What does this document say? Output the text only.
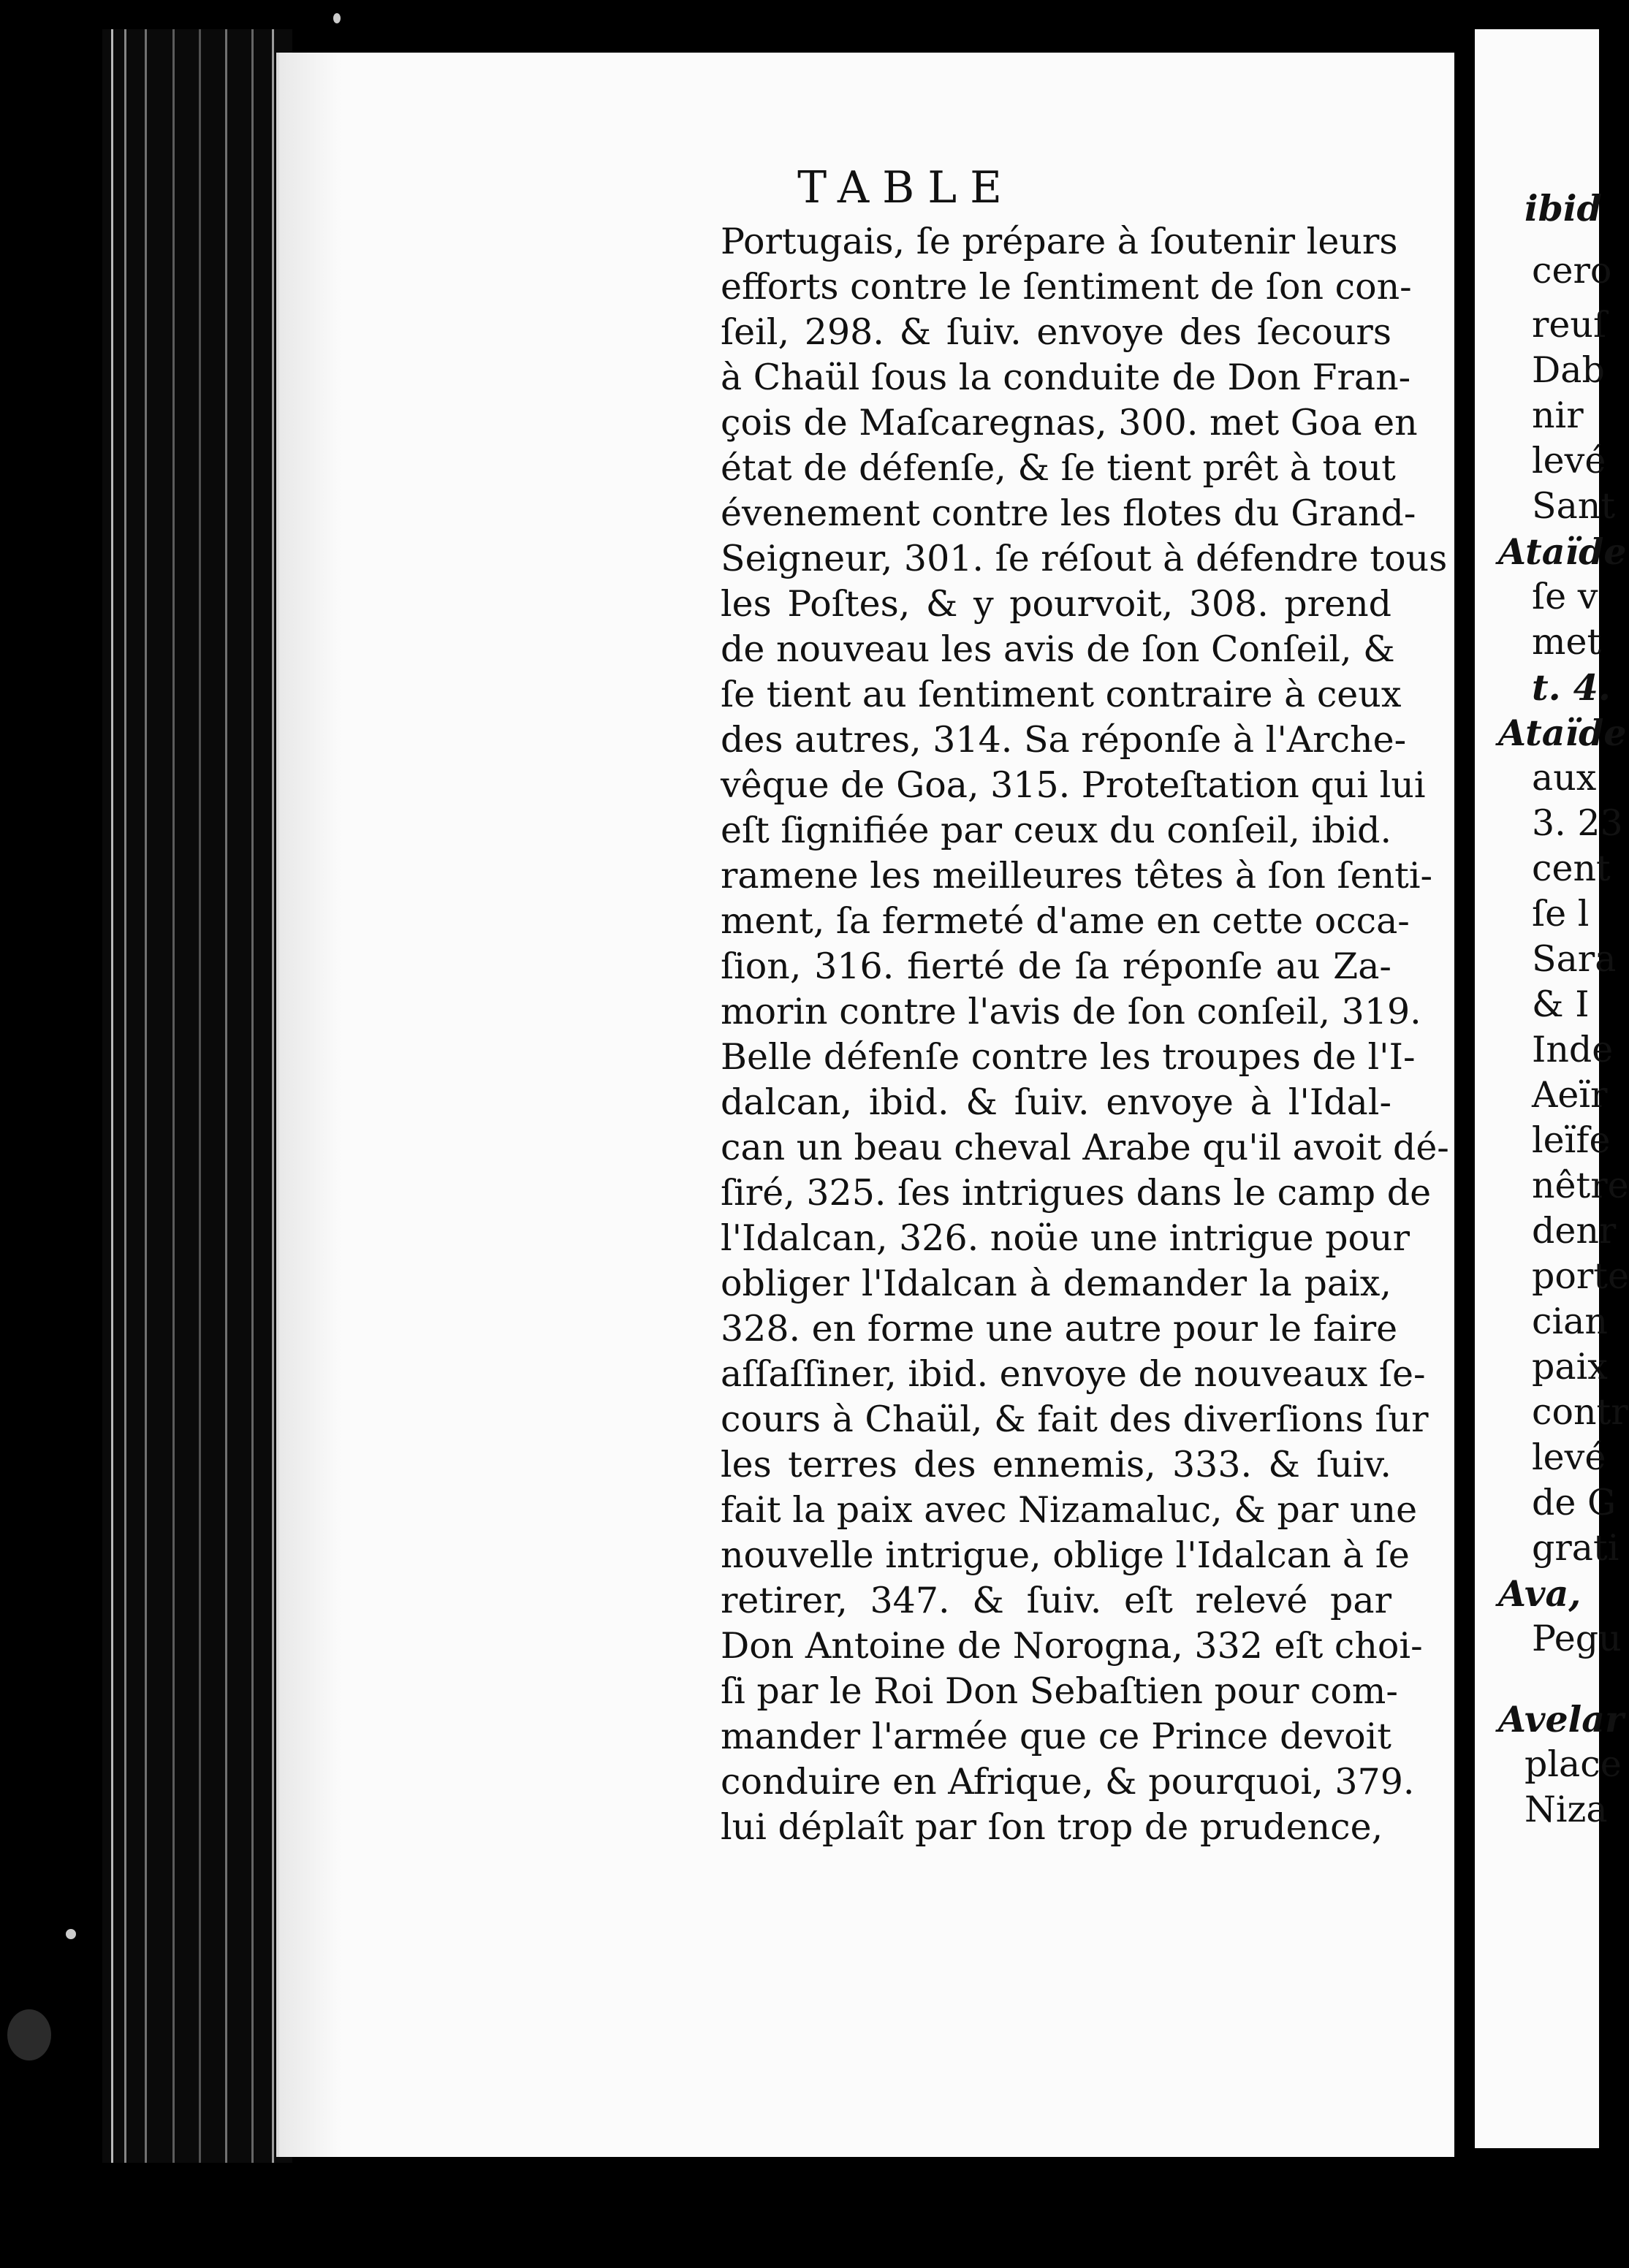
TABLE
Portugais, ſe prépare à ſoutenir leurs
efforts contre le ſentiment de ſon con-
ſeil, 298. & ſuiv. envoye des ſecours
à Chaül ſous la conduite de Don Fran-
çois de Maſcaregnas, 300. met Goa en
état de défenſe, & ſe tient prêt à tout
évenement contre les flotes du Grand-
Seigneur, 301. ſe réſout à défendre tous
les Poſtes, & y pourvoit, 308. prend
de nouveau les avis de ſon Conſeil, &
ſe tient au ſentiment contraire à ceux
des autres, 314. Sa réponſe à l'Arche-
vêque de Goa, 315. Proteſtation qui lui
eſt ſignifiée par ceux du conſeil, ibid.
ramene les meilleures têtes à ſon ſenti-
ment, ſa fermeté d'ame en cette occa-
ſion, 316. fierté de ſa réponſe au Za-
morin contre l'avis de ſon conſeil, 319.
Belle défenſe contre les troupes de l'I-
dalcan, ibid. & ſuiv. envoye à l'Idal-
can un beau cheval Arabe qu'il avoit dé-
ſiré, 325. ſes intrigues dans le camp de
l'Idalcan, 326. noüe une intrigue pour
obliger l'Idalcan à demander la paix,
328. en forme une autre pour le faire
aſſaſſiner, ibid. envoye de nouveaux ſe-
cours à Chaül, & fait des diverſions ſur
les terres des ennemis, 333. & ſuiv.
fait la paix avec Nizamaluc, & par une
nouvelle intrigue, oblige l'Idalcan à ſe
retirer, 347. & ſuiv. eſt relevé par
Don Antoine de Norogna, 332 eſt choi-
ſi par le Roi Don Sebaſtien pour com-
mander l'armée que ce Prince devoit
conduire en Afrique, & pourquoi, 379.
lui déplaît par ſon trop de prudence,
ibid
cero
reuſ
Dab
nir
levé
Sant
Ataïde
ſe v
met
t. 4.
Ataïde
aux
3. 23
cent
ſe l
Sara
& I
Inde
Aeïr
leïfe
nêtre
denr
porte
cian
paix
contr
levé
de G
grati
Ava,
Pegu
Avelar
place
Niza
